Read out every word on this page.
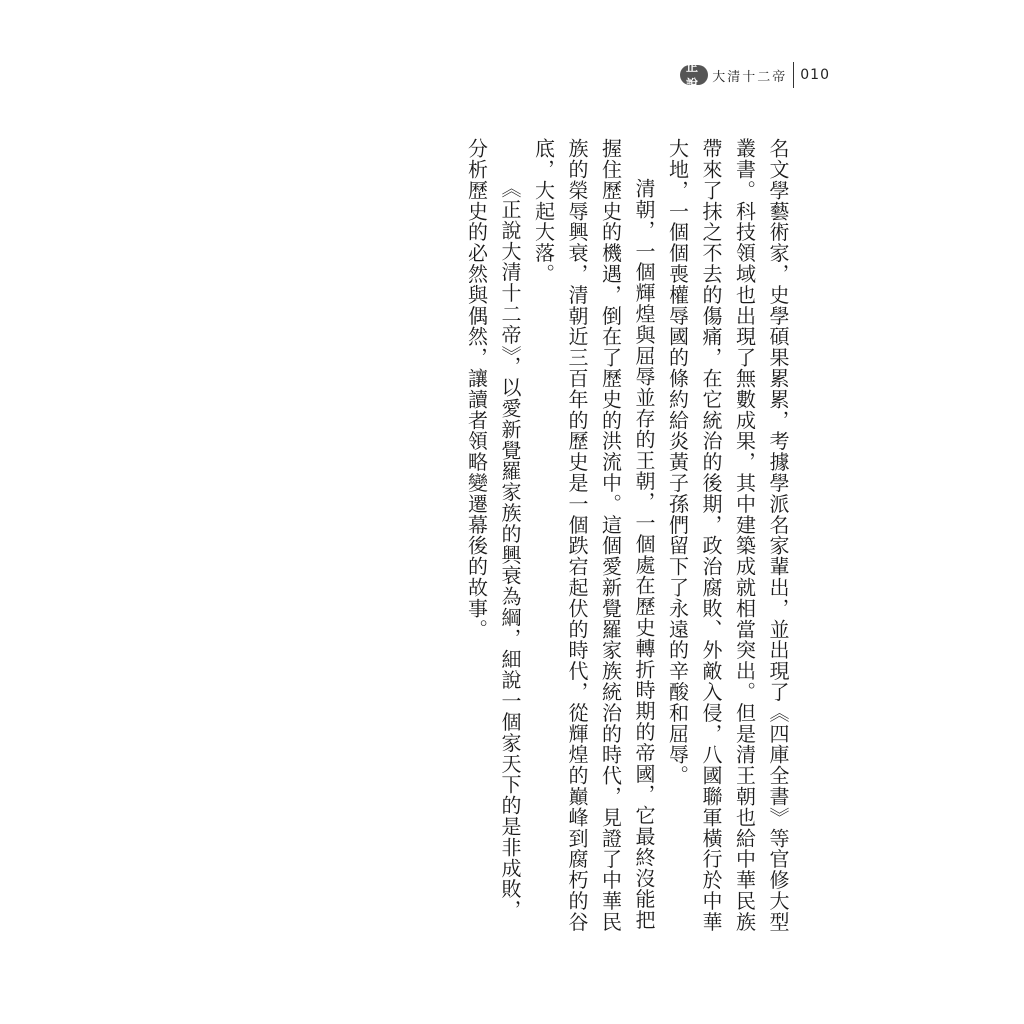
正說	大清十二帝 010

名文學藝術家，史學碩果累累，考據學派名家輩出，並出現了《四庫全書》等官修大型叢書。科技領域也出現了無數成果，其中建築成就相當突出。但是清王朝也給中華民族帶來了抹之不去的傷痛，在它統治的後期，政治腐敗、外敵入侵，八國聯軍橫行於中華大地，一個個喪權辱國的條約給炎黃子孫們留下了永遠的辛酸和屈辱。

清朝，一個輝煌與屈辱並存的王朝，一個處在歷史轉折時期的帝國，它最終沒能把握住歷史的機遇，倒在了歷史的洪流中。這個愛新覺羅家族統治的時代，見證了中華民族的榮辱興衰，清朝近三百年的歷史是一個跌宕起伏的時代，從輝煌的巔峰到腐朽的谷底，大起大落。

《正說大清十二帝》，以愛新覺羅家族的興衰為綱，細說一個家天下的是非成敗，分析歷史的必然與偶然，讓讀者領略變遷幕後的故事。
